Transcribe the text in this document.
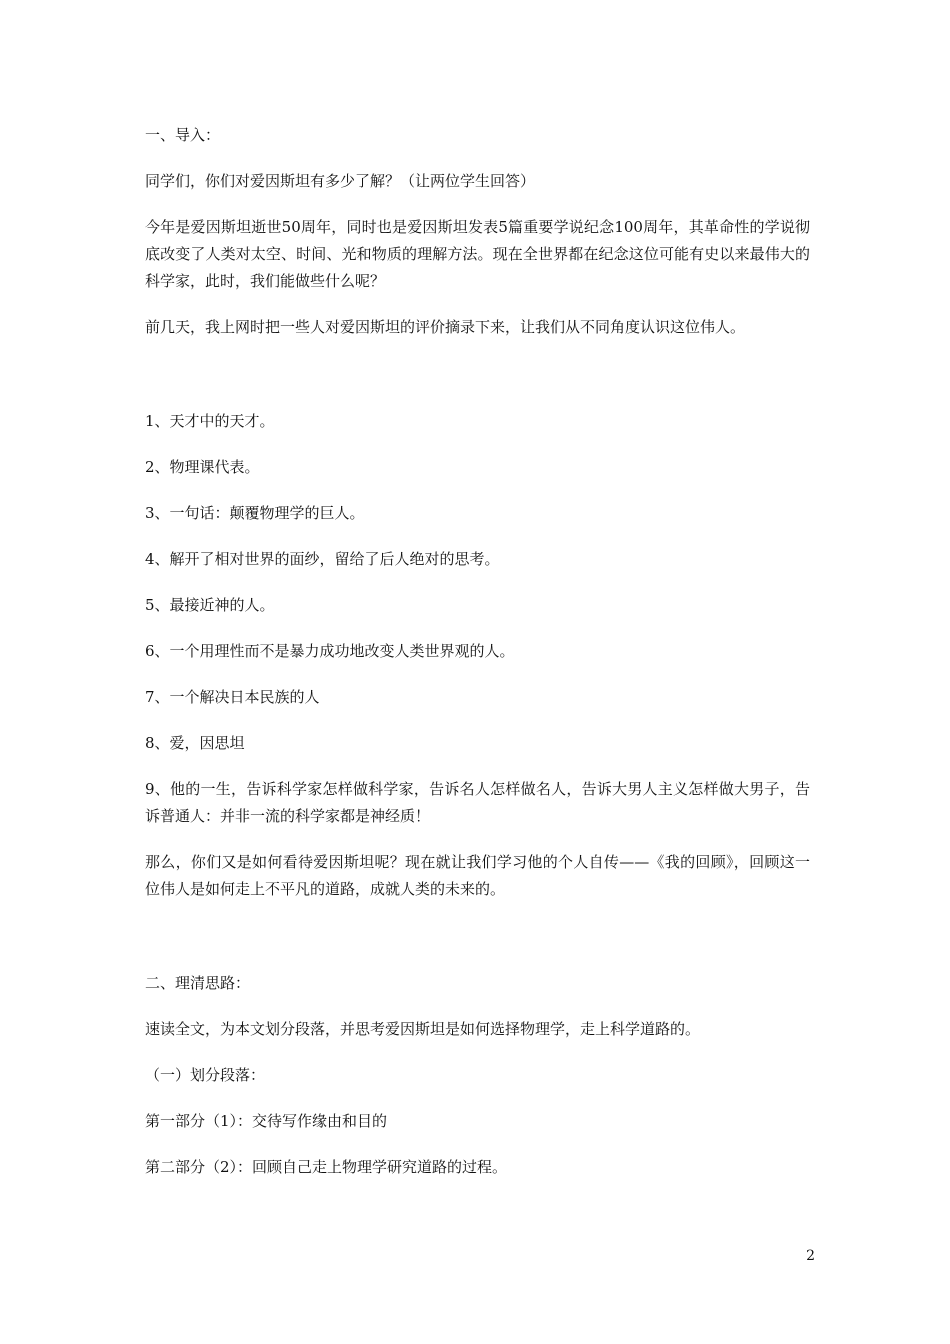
一、导入：

同学们，你们对爱因斯坦有多少了解？（让两位学生回答）

今年是爱因斯坦逝世50周年，同时也是爱因斯坦发表5篇重要学说纪念100周年，其革命性的学说彻底改变了人类对太空、时间、光和物质的理解方法。现在全世界都在纪念这位可能有史以来最伟大的科学家，此时，我们能做些什么呢？

前几天，我上网时把一些人对爱因斯坦的评价摘录下来，让我们从不同角度认识这位伟人。

1、天才中的天才。

2、物理课代表。

3、一句话：颠覆物理学的巨人。

4、解开了相对世界的面纱，留给了后人绝对的思考。

5、最接近神的人。

6、一个用理性而不是暴力成功地改变人类世界观的人。

7、一个解决日本民族的人

8、爱，因思坦

9、他的一生，告诉科学家怎样做科学家，告诉名人怎样做名人，告诉大男人主义怎样做大男子，告诉普通人：并非一流的科学家都是神经质！

那么，你们又是如何看待爱因斯坦呢？现在就让我们学习他的个人自传——《我的回顾》，回顾这一位伟人是如何走上不平凡的道路，成就人类的未来的。

二、理清思路：

速读全文，为本文划分段落，并思考爱因斯坦是如何选择物理学，走上科学道路的。

（一）划分段落：

第一部分（1）：交待写作缘由和目的

第二部分（2）：回顾自己走上物理学研究道路的过程。

2
